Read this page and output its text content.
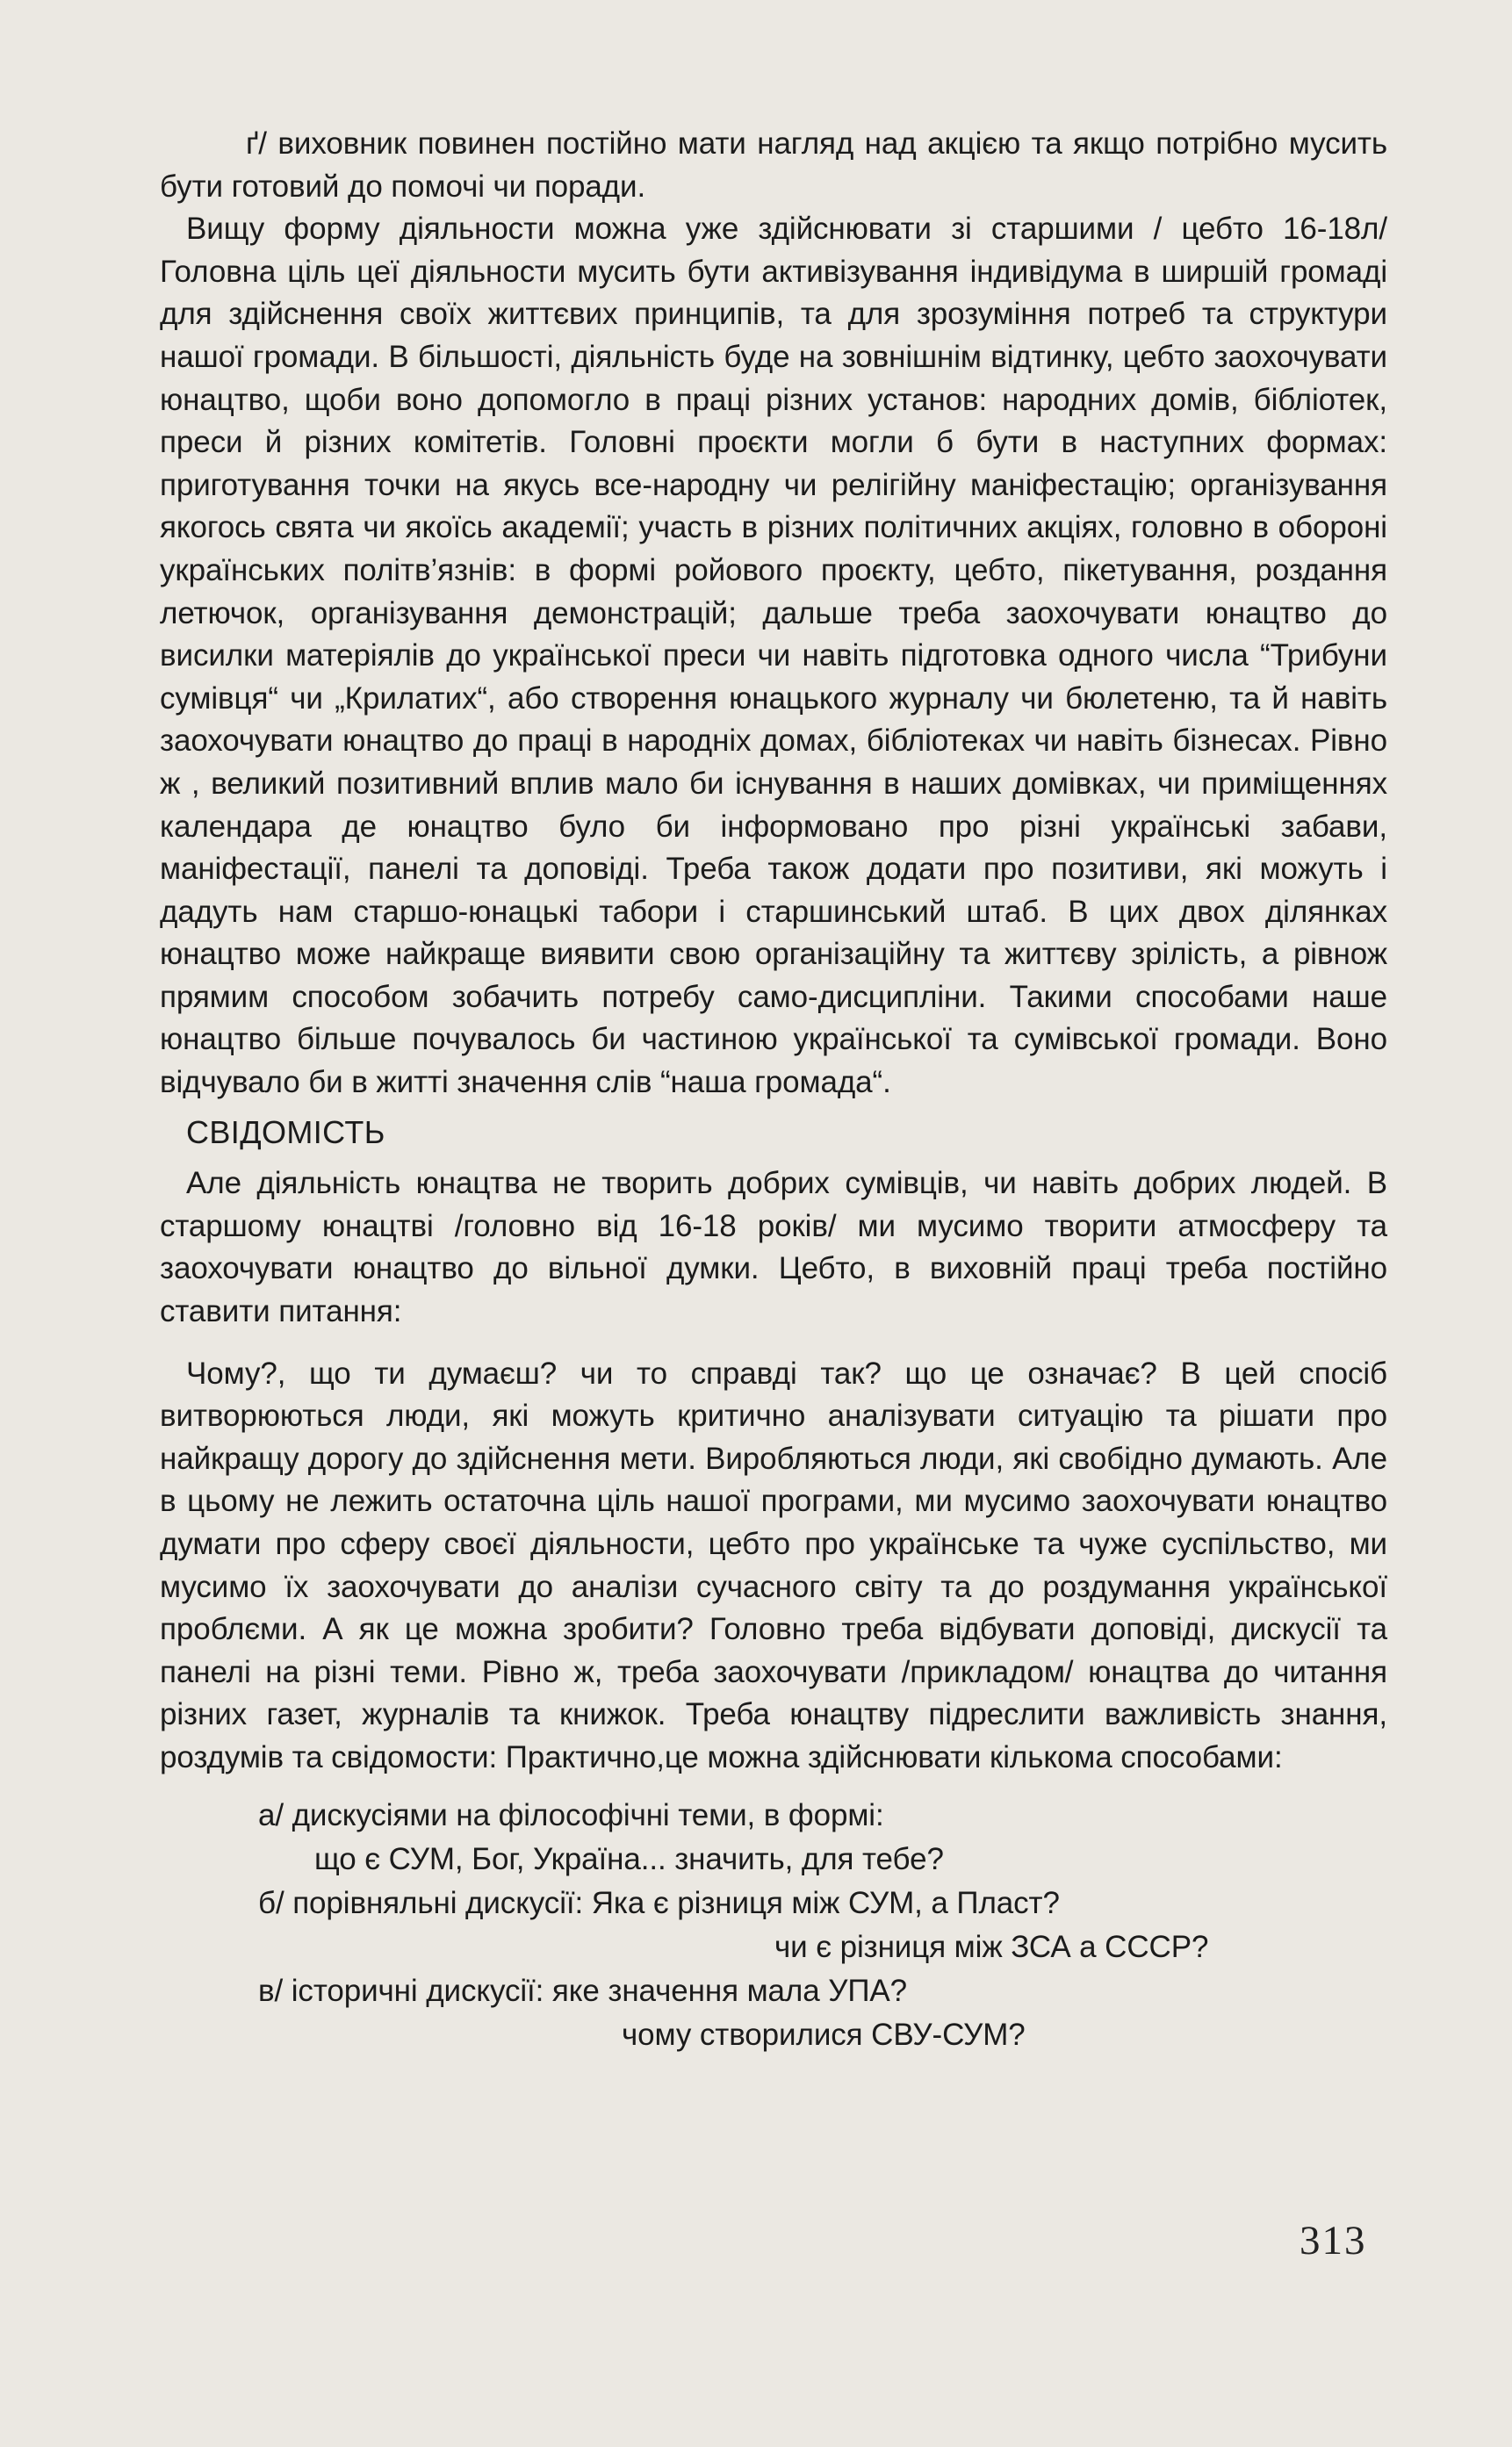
ґ/ виховник повинен постійно мати нагляд над акцією та якщо потрібно мусить бути готовий до помочі чи поради.

Вищу форму діяльности можна уже здійснювати зі старшими / цебто 16-18л/Головна ціль цеї діяльности мусить бути активізування індивідума в ширшій громаді для здійснення своїх життєвих принципів, та для зрозуміння потреб та структури нашої громади. В більшості, діяльність буде на зовнішнім відтинку, цебто заохочувати юнацтво, щоби воно допомогло в праці різних установ: народних домів, бібліотек, преси й різних комітетів. Головні проєкти могли б бути в наступних формах: приготування точки на якусь все-народну чи релігійну маніфестацію; організування якогось свята чи якоїсь академії; участь в різних політичних акціях, головно в обороні українських політв’язнів: в формі ройового проєкту, цебто, пікетування, роздання летючок, організування демонстрацій; дальше треба заохочувати юнацтво до висилки матеріялів до української преси чи навіть підготовка одного числа “Трибуни сумівця“ чи „Крилатих“, або створення юнацького журналу чи бюлетеню, та й навіть заохочувати юнацтво до праці в народніх домах, бібліотеках чи навіть бізнесах. Рівно ж , великий позитивний вплив мало би існування в наших домівках, чи приміщеннях календара де юнацтво було би інформовано про різні українські забави, маніфестації, панелі та доповіді. Треба також додати про позитиви, які можуть і дадуть нам старшо-юнацькі табори і старшинський штаб. В цих двох ділянках юнацтво може найкраще виявити свою організаційну та життєву зрілість, а рівнож прямим способом зобачить потребу само-дисципліни. Такими способами наше юнацтво більше почувалось би частиною української та сумівської громади. Воно відчувало би в житті значення слів “наша громада“.

СВІДОМІСТЬ

Але діяльність юнацтва не творить добрих сумівців, чи навіть добрих людей. В старшому юнацтві /головно від 16-18 років/ ми мусимо творити атмосферу та заохочувати юнацтво до вільної думки. Цебто, в виховній праці треба постійно ставити питання:

Чому?, що ти думаєш? чи то справді так? що це означає? В цей спосіб витворюються люди, які можуть критично аналізувати ситуацію та рішати про найкращу дорогу до здійснення мети. Виробляються люди, які свобідно думають. Але в цьому не лежить остаточна ціль нашої програми, ми мусимо заохочувати юнацтво думати про сферу своєї діяльности, цебто про українське та чуже суспільство, ми мусимо їх заохочувати до аналізи сучасного світу та до роздумання української проблєми. А як це можна зробити? Головно треба відбувати доповіді, дискусії та панелі на різні теми. Рівно ж, треба заохочувати /прикладом/ юнацтва до читання різних газет, журналів та книжок. Треба юнацтву підреслити важливість знання, роздумів та свідомости: Практично,це можна здійснювати кількома способами:

а/ дискусіями на філософічні теми, в формі:
що є СУМ, Бог, Україна... значить, для тебе?
б/ порівняльні дискусії: Яка є різниця між СУМ, а Пласт?
чи є різниця між ЗСА а СССР?
в/ історичні дискусії: яке значення мала УПА?
чому створилися СВУ-СУМ?
313
